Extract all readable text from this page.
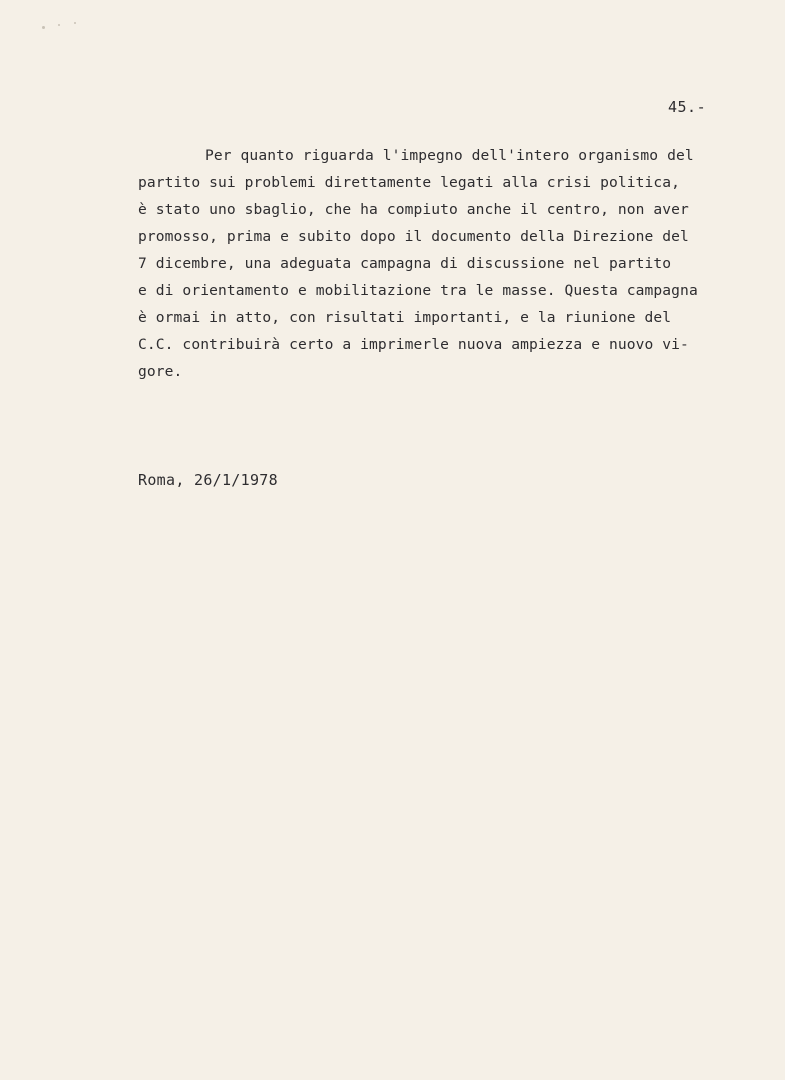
45.-
Per quanto riguarda l'impegno dell'intero organismo del
partito sui problemi direttamente legati alla crisi politica,
è stato uno sbaglio, che ha compiuto anche il centro, non aver
promosso, prima e subito dopo il documento della Direzione del
7 dicembre, una adeguata campagna di discussione nel partito
e di orientamento e mobilitazione tra le masse. Questa campagna
è ormai in atto, con risultati importanti, e la riunione del
C.C. contribuirà certo a imprimerle nuova ampiezza e nuovo vi-
gore.
Roma, 26/1/1978
